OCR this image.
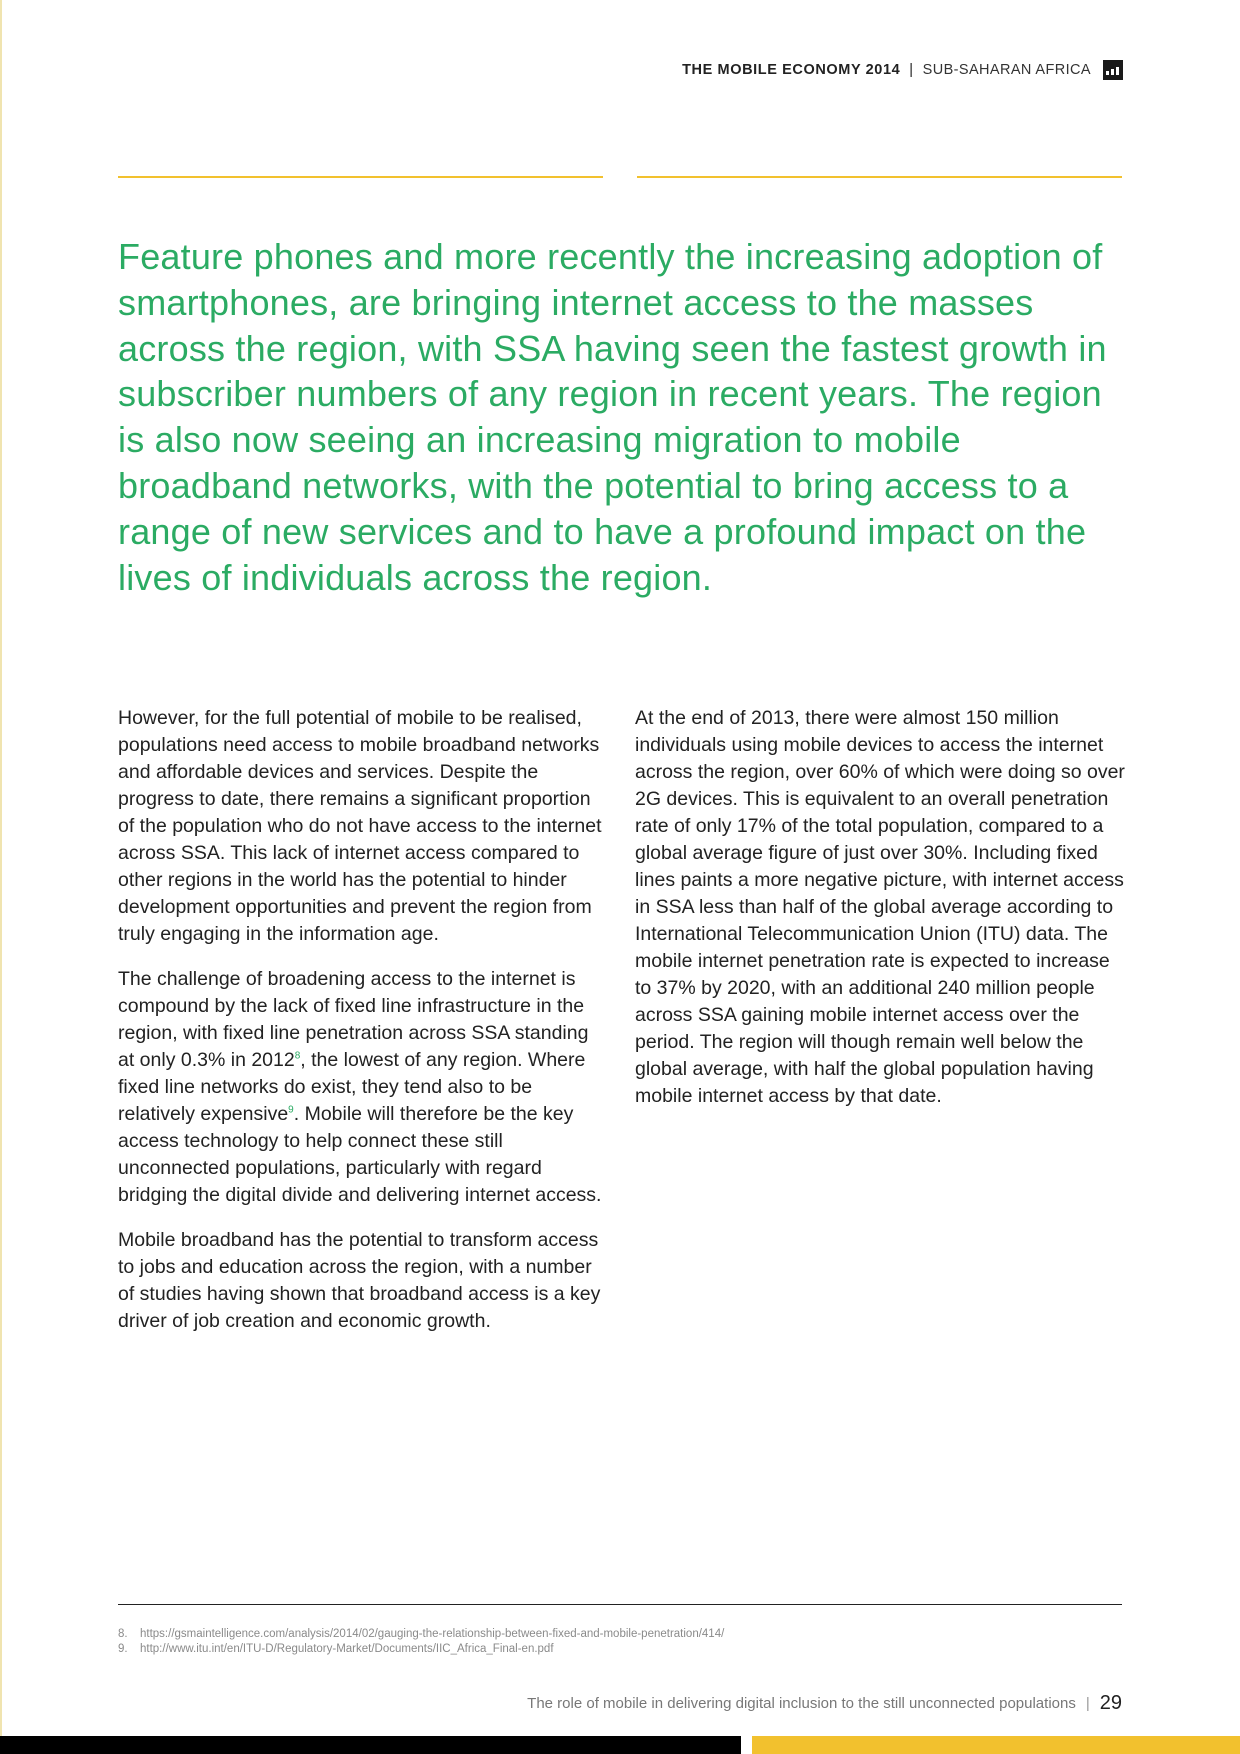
THE MOBILE ECONOMY 2014 | SUB-SAHARAN AFRICA

Feature phones and more recently the increasing adoption of smartphones, are bringing internet access to the masses across the region, with SSA having seen the fastest growth in subscriber numbers of any region in recent years. The region is also now seeing an increasing migration to mobile broadband networks, with the potential to bring access to a range of new services and to have a profound impact on the lives of individuals across the region.

However, for the full potential of mobile to be realised, populations need access to mobile broadband networks and affordable devices and services. Despite the progress to date, there remains a significant proportion of the population who do not have access to the internet across SSA. This lack of internet access compared to other regions in the world has the potential to hinder development opportunities and prevent the region from truly engaging in the information age.

The challenge of broadening access to the internet is compound by the lack of fixed line infrastructure in the region, with fixed line penetration across SSA standing at only 0.3% in 2012$^8$, the lowest of any region. Where fixed line networks do exist, they tend also to be relatively expensive$^9$. Mobile will therefore be the key access technology to help connect these still unconnected populations, particularly with regard bridging the digital divide and delivering internet access.

Mobile broadband has the potential to transform access to jobs and education across the region, with a number of studies having shown that broadband access is a key driver of job creation and economic growth.

At the end of 2013, there were almost 150 million individuals using mobile devices to access the internet across the region, over 60% of which were doing so over 2G devices. This is equivalent to an overall penetration rate of only 17% of the total population, compared to a global average figure of just over 30%. Including fixed lines paints a more negative picture, with internet access in SSA less than half of the global average according to International Telecommunication Union (ITU) data. The mobile internet penetration rate is expected to increase to 37% by 2020, with an additional 240 million people across SSA gaining mobile internet access over the period. The region will though remain well below the global average, with half the global population having mobile internet access by that date.

8.	https://gsmaintelligence.com/analysis/2014/02/gauging-the-relationship-between-fixed-and-mobile-penetration/414/
9.	http://www.itu.int/en/ITU-D/Regulatory-Market/Documents/IIC_Africa_Final-en.pdf
The role of mobile in delivering digital inclusion to the still unconnected populations | 29
